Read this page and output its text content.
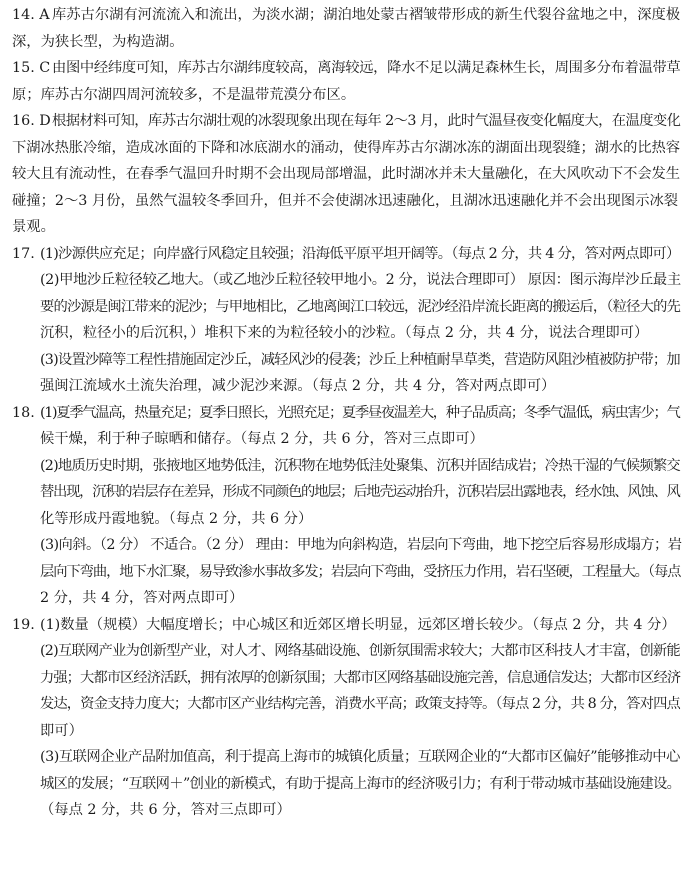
14. A 库苏古尔湖有河流流入和流出，为淡水湖；湖泊地处蒙古褶皱带形成的新生代裂谷盆地之中，深度极
深，为狭长型，为构造湖。
15. C 由图中经纬度可知，库苏古尔湖纬度较高，离海较远，降水不足以满足森林生长，周围多分布着温带草
原；库苏古尔湖四周河流较多，不是温带荒漠分布区。
16. D 根据材料可知，库苏古尔湖壮观的冰裂现象出现在每年 2～3 月，此时气温昼夜变化幅度大，在温度变化
下湖冰热胀冷缩，造成冰面的下降和冰底湖水的涌动，使得库苏古尔湖冰冻的湖面出现裂缝；湖水的比热容
较大且有流动性，在春季气温回升时期不会出现局部增温，此时湖冰并未大量融化，在大风吹动下不会发生
碰撞；2～3 月份，虽然气温较冬季回升，但并不会使湖冰迅速融化，且湖冰迅速融化并不会出现图示冰裂
景观。
17. (1)沙源供应充足；向岸盛行风稳定且较强；沿海低平原平坦开阔等。（每点 2 分，共 4 分，答对两点即可）
(2)甲地沙丘粒径较乙地大。（或乙地沙丘粒径较甲地小。2 分，说法合理即可） 原因：图示海岸沙丘最主
要的沙源是闽江带来的泥沙；与甲地相比，乙地离闽江口较远，泥沙经沿岸流长距离的搬运后，（粒径大的先
沉积，粒径小的后沉积，）堆积下来的为粒径较小的沙粒。（每点 2 分，共 4 分，说法合理即可）
(3)设置沙障等工程性措施固定沙丘，减轻风沙的侵袭；沙丘上种植耐旱草类，营造防风阻沙植被防护带；加
强闽江流域水土流失治理，减少泥沙来源。（每点 2 分，共 4 分，答对两点即可）
18. (1)夏季气温高，热量充足；夏季日照长，光照充足；夏季昼夜温差大，种子品质高；冬季气温低，病虫害少；气
候干燥，利于种子晾晒和储存。（每点 2 分，共 6 分，答对三点即可）
(2)地质历史时期，张掖地区地势低洼，沉积物在地势低洼处聚集、沉积并固结成岩；冷热干湿的气候频繁交
替出现，沉积的岩层存在差异，形成不同颜色的地层；后地壳运动抬升，沉积岩层出露地表，经水蚀、风蚀、风
化等形成丹霞地貌。（每点 2 分，共 6 分）
(3)向斜。（2 分） 不适合。（2 分） 理由：甲地为向斜构造，岩层向下弯曲，地下挖空后容易形成塌方；岩
层向下弯曲，地下水汇聚，易导致渗水事故多发；岩层向下弯曲，受挤压力作用，岩石坚硬，工程量大。（每点
2 分，共 4 分，答对两点即可）
19. (1)数量（规模）大幅度增长；中心城区和近郊区增长明显，远郊区增长较少。（每点 2 分，共 4 分）
(2)互联网产业为创新型产业，对人才、网络基础设施、创新氛围需求较大；大都市区科技人才丰富，创新能
力强；大都市区经济活跃，拥有浓厚的创新氛围；大都市区网络基础设施完善，信息通信发达；大都市区经济
发达，资金支持力度大；大都市区产业结构完善，消费水平高；政策支持等。（每点 2 分，共 8 分，答对四点
即可）
(3)互联网企业产品附加值高，利于提高上海市的城镇化质量；互联网企业的“大都市区偏好”能够推动中心
城区的发展；“互联网＋”创业的新模式，有助于提高上海市的经济吸引力；有利于带动城市基础设施建设。
（每点 2 分，共 6 分，答对三点即可）
